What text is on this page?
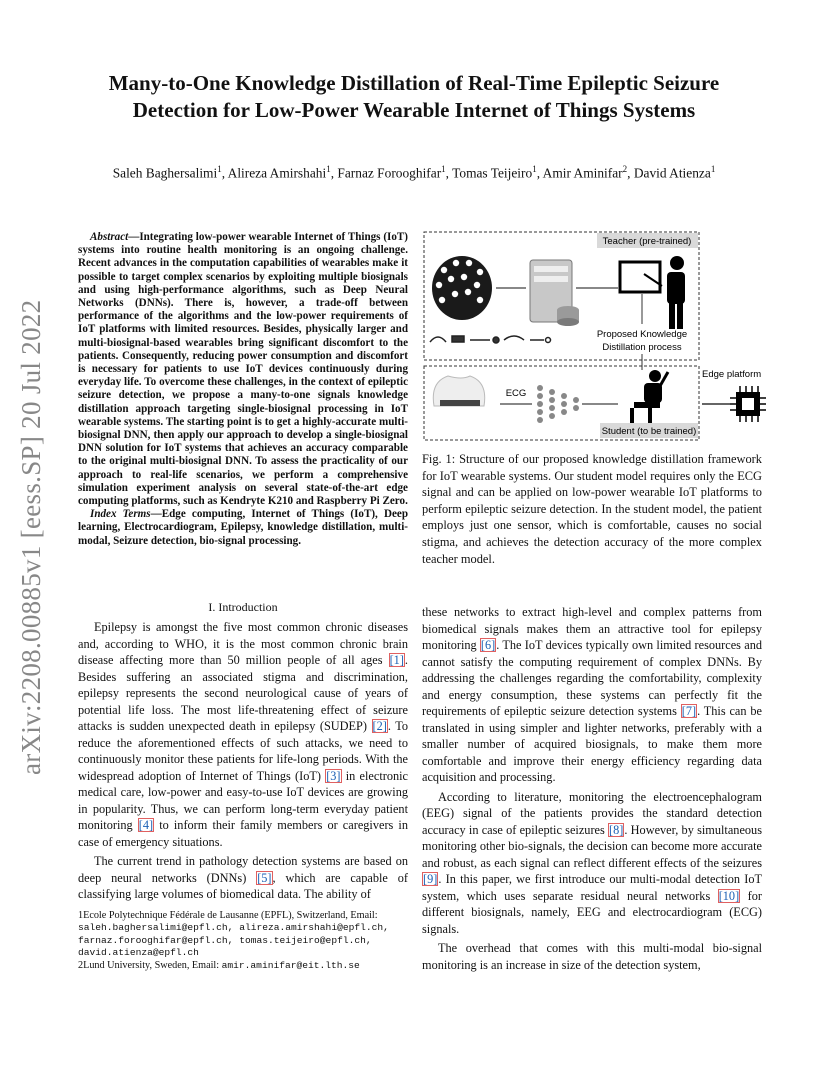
Many-to-One Knowledge Distillation of Real-Time Epileptic Seizure
Detection for Low-Power Wearable Internet of Things Systems
Saleh Baghersalimi$^1$, Alireza Amirshahi$^1$, Farnaz Forooghifar$^1$, Tomas Teijeiro$^1$, Amir Aminifar$^2$, David Atienza$^1$
arXiv:2208.00885v1 [eess.SP] 20 Jul 2022

Abstract—Integrating low-power wearable Internet of Things (IoT) systems into routine health monitoring is an ongoing challenge. Recent advances in the computation capabilities of wearables make it possible to target complex scenarios by exploiting multiple biosignals and using high-performance algorithms, such as Deep Neural Networks (DNNs). There is, however, a trade-off between performance of the algorithms and the low-power requirements of IoT platforms with limited resources. Besides, physically larger and multi-biosignal-based wearables bring significant discomfort to the patients. Consequently, reducing power consumption and discomfort is necessary for patients to use IoT devices continuously during everyday life. To overcome these challenges, in the context of epileptic seizure detection, we propose a many-to-one signals knowledge distillation approach targeting single-biosignal processing in IoT wearable systems. The starting point is to get a highly-accurate multi-biosignal DNN, then apply our approach to develop a single-biosignal DNN solution for IoT systems that achieves an accuracy comparable to the original multi-biosignal DNN. To assess the practicality of our approach to real-life scenarios, we perform a comprehensive simulation experiment analysis on several state-of-the-art edge computing platforms, such as Kendryte K210 and Raspberry Pi Zero.

Index Terms—Edge computing, Internet of Things (IoT), Deep learning, Electrocardiogram, Epilepsy, knowledge distillation, multi-modal, Seizure detection, bio-signal processing.

I. Introduction

Epilepsy is amongst the five most common chronic diseases and, according to WHO, it is the most common chronic brain disease affecting more than 50 million people of all ages [1]. Besides suffering an associated stigma and discrimination, epilepsy represents the second neurological cause of years of potential life loss. The most life-threatening effect of seizure attacks is sudden unexpected death in epilepsy (SUDEP) [2]. To reduce the aforementioned effects of such attacks, we need to continuously monitor these patients for life-long periods. With the widespread adoption of Internet of Things (IoT) [3] in electronic medical care, low-power and easy-to-use IoT devices are growing in popularity. Thus, we can perform long-term everyday patient monitoring [4] to inform their family members or caregivers in case of emergency situations.

The current trend in pathology detection systems are based on deep neural networks (DNNs) [5], which are capable of classifying large volumes of biomedical data. The ability of

1Ecole Polytechnique Fédérale de Lausanne (EPFL), Switzerland, Email: saleh.baghersalimi@epfl.ch, alireza.amirshahi@epfl.ch, farnaz.forooghifar@epfl.ch, tomas.teijeiro@epfl.ch, david.atienza@epfl.ch
2Lund University, Sweden, Email: amir.aminifar@eit.lth.se
Teacher (pre-trained)
Proposed Knowledge
Distillation process
ECG
Student (to be trained)
Edge platform
Fig. 1: Structure of our proposed knowledge distillation framework for IoT wearable systems. Our student model requires only the ECG signal and can be applied on low-power wearable IoT platforms to perform epileptic seizure detection. In the student model, the patient employs just one sensor, which is comfortable, causes no social stigma, and achieves the detection accuracy of the more complex teacher model.

these networks to extract high-level and complex patterns from biomedical signals makes them an attractive tool for epilepsy monitoring [6]. The IoT devices typically own limited resources and cannot satisfy the computing requirement of complex DNNs. By addressing the challenges regarding the comfortability, complexity and energy consumption, these systems can perfectly fit the requirements of epileptic seizure detection systems [7]. This can be translated in using simpler and lighter networks, preferably with a smaller number of acquired biosignals, to make them more comfortable and improve their energy efficiency regarding data acquisition and processing.

According to literature, monitoring the electroencephalogram (EEG) signal of the patients provides the standard detection accuracy in case of epileptic seizures [8]. However, by simultaneous monitoring other bio-signals, the decision can become more accurate and robust, as each signal can reflect different effects of the seizures [9]. In this paper, we first introduce our multi-modal detection IoT system, which uses separate residual neural networks [10] for different biosignals, namely, EEG and electrocardiogram (ECG) signals.

The overhead that comes with this multi-modal bio-signal monitoring is an increase in size of the detection system,
